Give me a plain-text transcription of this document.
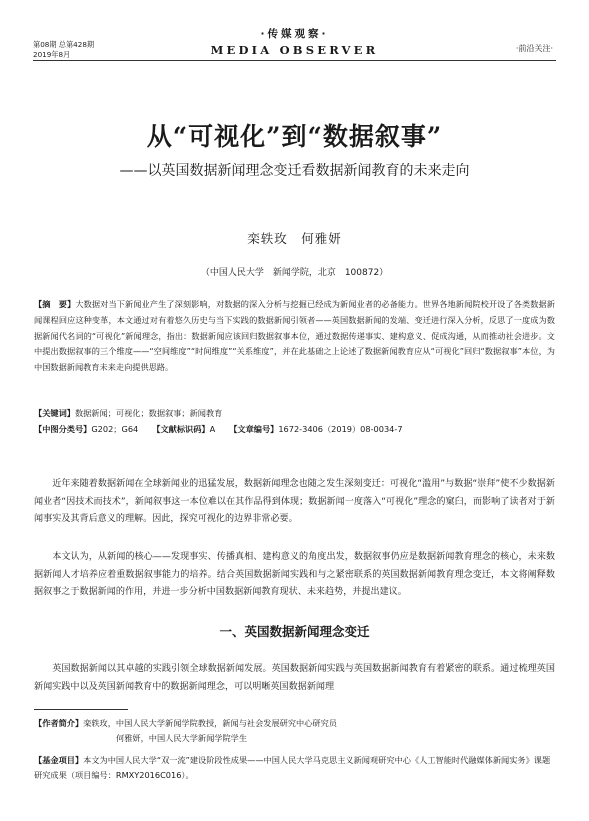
第08期 总第428期
2019年8月
·传媒观察·
MEDIA OBSERVER	·前沿关注·
从“可视化”到“数据叙事”
——以英国数据新闻理念变迁看数据新闻教育的未来走向
栾轶玫　何雅妍
（中国人民大学　新闻学院，北京　100872）
【摘　要】大数据对当下新闻业产生了深刻影响，对数据的深入分析与挖掘已经成为新闻业者的必备能力。世界各地新闻院校开设了各类数据新闻课程回应这种变革，本文通过对有着悠久历史与当下实践的数据新闻引领者——英国数据新闻的发端、变迁进行深入分析，反思了一度成为数据新闻代名词的“可视化”新闻理念，指出：数据新闻应该回归数据叙事本位，通过数据传递事实、建构意义、促成沟通，从而推动社会进步。文中提出数据叙事的三个维度——“空间维度”“时间维度”“关系维度”，并在此基础之上论述了数据新闻教育应从“可视化”回归“数据叙事”本位，为中国数据新闻教育未来走向提供思路。
【关键词】数据新闻；可视化；数据叙事；新闻教育
【中图分类号】G202；G64 【文献标识码】A 【文章编号】1672-3406（2019）08-0034-7

近年来随着数据新闻在全球新闻业的迅猛发展，数据新闻理念也随之发生深刻变迁：可视化“滥用”与数据“崇拜”使不少数据新闻业者“因技术而技术”，新闻叙事这一本位难以在其作品得到体现；数据新闻一度落入“可视化”理念的窠臼，而影响了读者对于新闻事实及其背后意义的理解。因此，探究可视化的边界非常必要。

本文认为，从新闻的核心——发现事实、传播真相、建构意义的角度出发，数据叙事仍应是数据新闻教育理念的核心，未来数据新闻人才培养应着重数据叙事能力的培养。结合英国数据新闻实践和与之紧密联系的英国数据新闻教育理念变迁，本文将阐释数据叙事之于数据新闻的作用，并进一步分析中国数据新闻教育现状、未来趋势，并提出建议。

一、英国数据新闻理念变迁

英国数据新闻以其卓越的实践引领全球数据新闻发展。英国数据新闻实践与英国数据新闻教育有着紧密的联系。通过梳理英国新闻实践中以及英国新闻教育中的数据新闻理念，可以明晰英国数据新闻理

【作者简介】栾轶玫，中国人民大学新闻学院教授，新闻与社会发展研究中心研究员
何雅妍，中国人民大学新闻学院学生
【基金项目】本文为中国人民大学“双一流”建设阶段性成果——中国人民大学马克思主义新闻观研究中心《人工智能时代融媒体新闻实务》课题研究成果（项目编号：RMXY2016C016）。
